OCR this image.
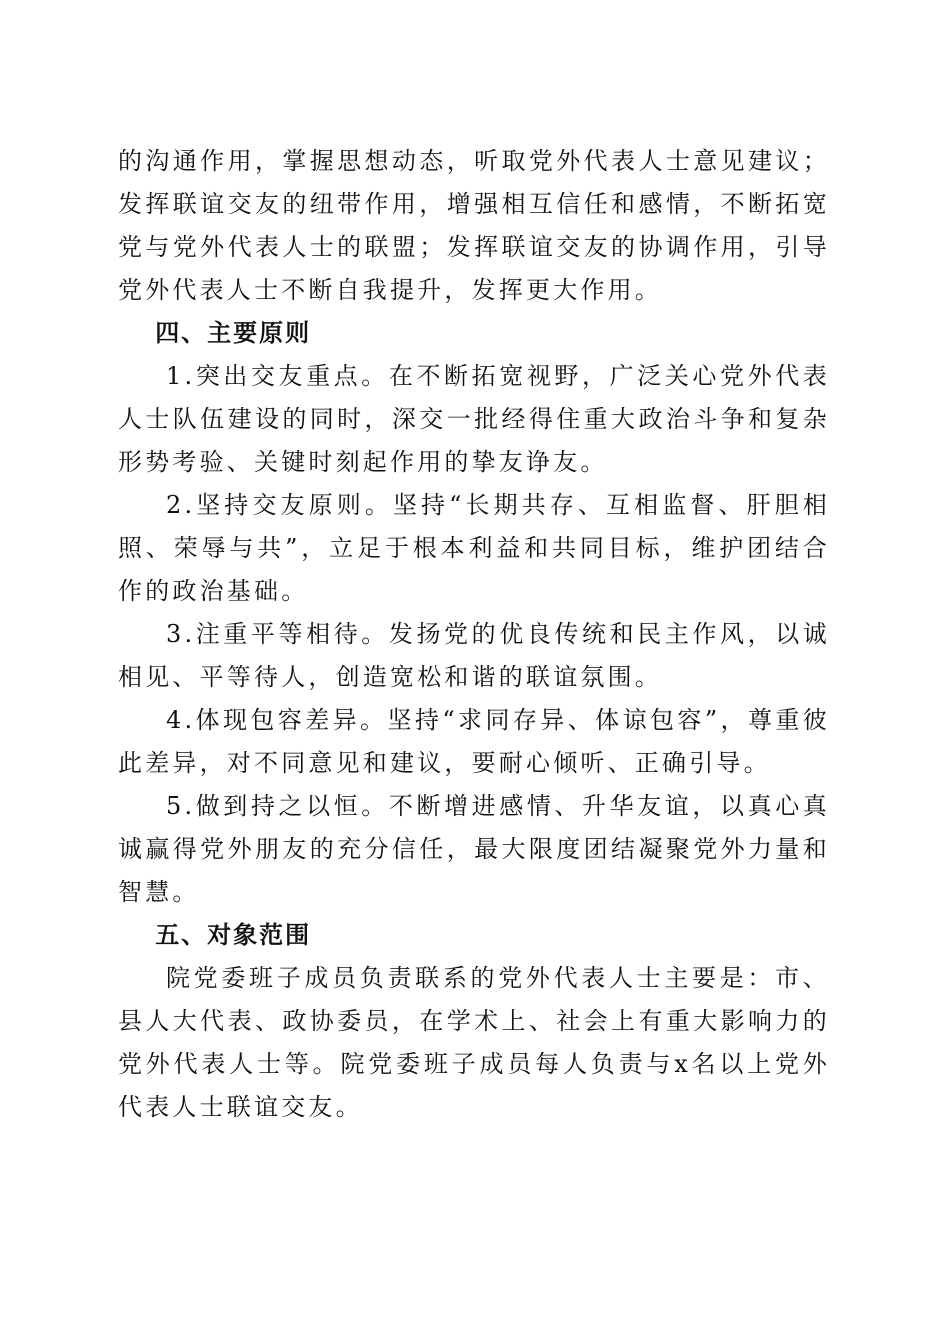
的沟通作用，掌握思想动态，听取党外代表人士意见建议；发挥联谊交友的纽带作用，增强相互信任和感情，不断拓宽党与党外代表人士的联盟；发挥联谊交友的协调作用，引导党外代表人士不断自我提升，发挥更大作用。

四、主要原则

1.突出交友重点。在不断拓宽视野，广泛关心党外代表人士队伍建设的同时，深交一批经得住重大政治斗争和复杂形势考验、关键时刻起作用的挚友诤友。

2.坚持交友原则。坚持“长期共存、互相监督、肝胆相照、荣辱与共”，立足于根本利益和共同目标，维护团结合作的政治基础。

3.注重平等相待。发扬党的优良传统和民主作风，以诚相见、平等待人，创造宽松和谐的联谊氛围。

4.体现包容差异。坚持“求同存异、体谅包容”，尊重彼此差异，对不同意见和建议，要耐心倾听、正确引导。

5.做到持之以恒。不断增进感情、升华友谊，以真心真诚赢得党外朋友的充分信任，最大限度团结凝聚党外力量和智慧。

五、对象范围

院党委班子成员负责联系的党外代表人士主要是：市、县人大代表、政协委员，在学术上、社会上有重大影响力的党外代表人士等。院党委班子成员每人负责与x名以上党外代表人士联谊交友。
